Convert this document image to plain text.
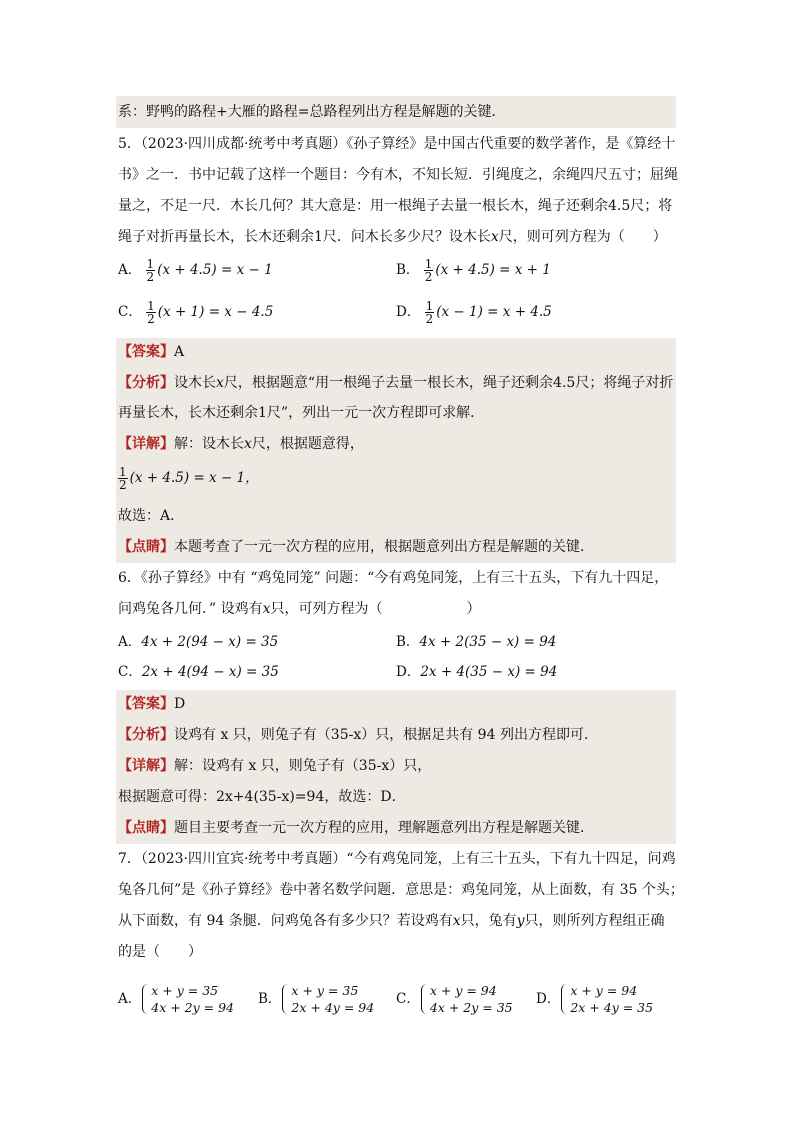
系：野鸭的路程+大雁的路程=总路程列出方程是解题的关键．
5．（2023·四川成都·统考中考真题）《孙子算经》是中国古代重要的数学著作，是《算经十
书》之一．书中记载了这样一个题目：今有木，不知长短．引绳度之，余绳四尺五寸；屈绳
量之，不足一尺．木长几何？其大意是：用一根绳子去量一根长木，绳子还剩余4.5尺；将
绳子对折再量长木，长木还剩余1尺．问木长多少尺？设木长x尺，则可列方程为（　　）
A． $\frac{1}{2} (x + 4.5) = x - 1$	B． $\frac{1}{2} (x + 4.5) = x + 1$
C． $\frac{1}{2} (x + 1) = x - 4.5$	D． $\frac{1}{2} (x - 1) = x + 4.5$
【答案】A
【分析】设木长x尺，根据题意“用一根绳子去量一根长木，绳子还剩余4.5尺；将绳子对折
再量长木，长木还剩余1尺”，列出一元一次方程即可求解．
【详解】解：设木长x尺，根据题意得，
$\frac{1}{2} (x + 4.5) = x - 1$，
故选：A．
【点睛】本题考查了一元一次方程的应用，根据题意列出方程是解题的关键．
6．《孙子算经》中有 “鸡兔同笼” 问题：“今有鸡兔同笼，上有三十五头，下有九十四足，
问鸡兔各几何．” 设鸡有x只，可列方程为（　　　　　　）
A．4x + 2(94 − x) = 35	B．4x + 2(35 − x) = 94
C．2x + 4(94 − x) = 35	D．2x + 4(35 − x) = 94
【答案】D
【分析】设鸡有 x 只，则兔子有（35-x）只，根据足共有 94 列出方程即可．
【详解】解：设鸡有 x 只，则兔子有（35-x）只，
根据题意可得：2x+4(35-x)=94，故选：D．
【点睛】题目主要考查一元一次方程的应用，理解题意列出方程是解题关键．
7．（2023·四川宜宾·统考中考真题）“今有鸡兔同笼，上有三十五头，下有九十四足，问鸡
兔各几何”是《孙子算经》卷中著名数学问题．意思是：鸡兔同笼，从上面数，有 35 个头；
从下面数，有 94 条腿．问鸡兔各有多少只？若设鸡有x只，兔有y只，则所列方程组正确
的是（　　）
A．
x + y = 35
4x + 2y = 94
B．
x + y = 35
2x + 4y = 94
C．
x + y = 94
4x + 2y = 35
D．
x + y = 94
2x + 4y = 35
